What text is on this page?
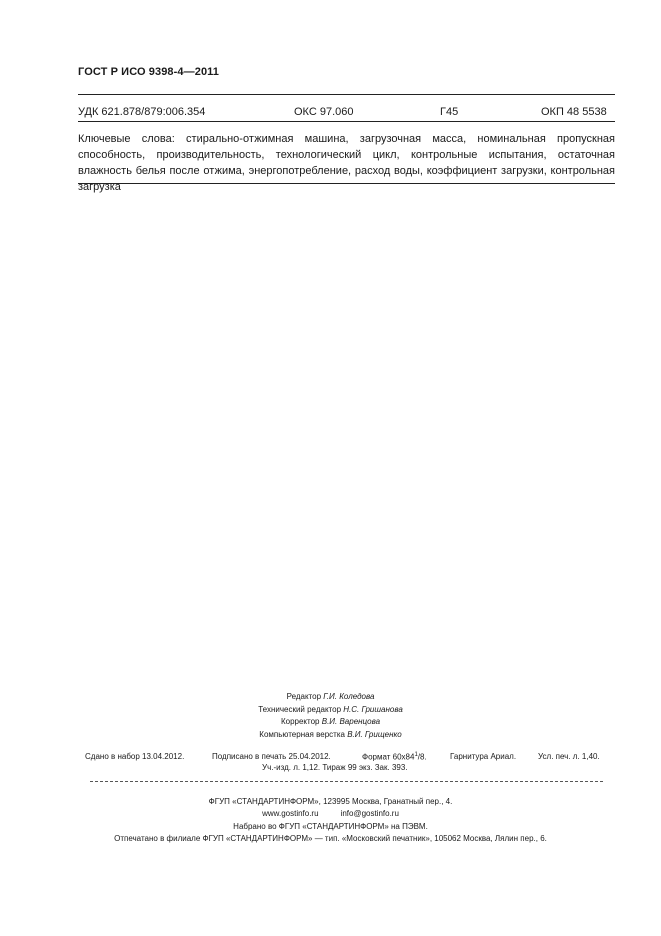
ГОСТ Р ИСО 9398-4—2011
УДК 621.878/879:006.354	ОКС 97.060	Г45	ОКП 48 5538
Ключевые слова: стирально-отжимная машина, загрузочная масса, номинальная пропускная способность, производительность, технологический цикл, контрольные испытания, остаточная влажность белья после отжима, энергопотребление, расход воды, коэффициент загрузки, контрольная загрузка
Редактор Г.И. Коледова
Технический редактор Н.С. Гришанова
Корректор В.И. Варенцова
Компьютерная верстка В.И. Грищенко
Сдано в набор 13.04.2012.	Подписано в печать 25.04.2012.	Формат $60х84^1/8$.	Гарнитура Ариал.	Усл. печ. л. 1,40.
Уч.-изд. л. 1,12. Тираж 99 экз. Зак. 393.
ФГУП «СТАНДАРТИНФОРМ», 123995 Москва, Гранатный пер., 4.
www.gostinfo.ru	info@gostinfo.ru
Набрано во ФГУП «СТАНДАРТИНФОРМ» на ПЭВМ.
Отпечатано в филиале ФГУП «СТАНДАРТИНФОРМ» — тип. «Московский печатник», 105062 Москва, Лялин пер., 6.
